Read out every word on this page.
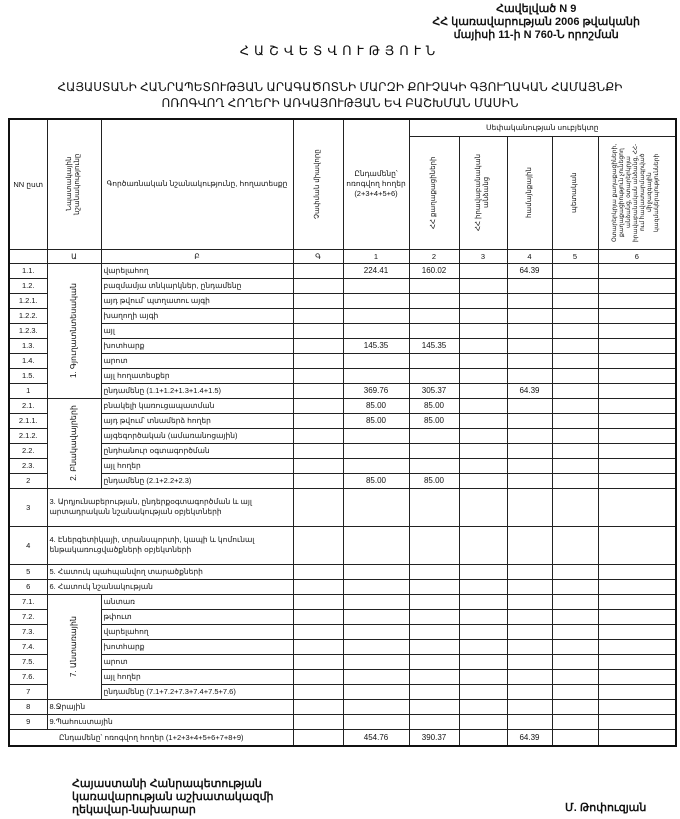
Հավելված N 9
ՀՀ կառավարության 2006 թվականի
մայիսի 11-ի N 760-Ն որոշման
ՀԱՇՎԵՏՎՈՒԹՅՈՒՆ
ՀԱՅԱՍՏԱՆԻ ՀԱՆՐԱՊԵՏՈՒԹՅԱՆ ԱՐԱԳԱԾՈՏՆԻ ՄԱՐԶԻ ՔՈՒՉԱԿԻ ԳՅՈՒՂԱԿԱՆ ՀԱՄԱՅՆՔԻ
ՈՌՈԳՎՈՂ ՀՈՂԵՐԻ ԱՌԿԱՅՈՒԹՅԱՆ ԵՎ ԲԱՇԽՄԱՆ ՄԱՍԻՆ
NN ըստ	Նպատակային նշանակությունը	Գործառնական նշանակությունը, հողատեսքը	Չափման միավորը	Ընդամենը՝ ոռոգվող հողեր (2+3+4+5+6)	Սեփականության սուբյեկտը				

					ՀՀ քաղաքացիների	ՀՀ իրավաբանական անձանց	համայնքային	պետական	Օտարերկրյա քաղաքացիների, քաղաքացիություն չունեցող անձանց, օտարերկրյա իրավաբանական անձանց, ՀՀ-ում հավատարմագրված միջազգային կազմակերպությունների

	Ա	Բ	Գ	1	2	3	4	5	6
1.1.	1. Գյուղատնտեսական	վարելահող		224.41	160.02		64.39		
1.2.		բազմամյա տնկարկներ, ընդամենը							
1.2.1.		այդ թվում՝ պտղատու այգի							
1.2.2.		խաղողի այգի							
1.2.3.		այլ							
1.3.		խոտհարք		145.35	145.35				
1.4.		արոտ							
1.5.		այլ հողատեսքեր							
1		ընդամենը (1.1+1.2+1.3+1.4+1.5)		369.76	305.37		64.39		
2.1.	2. Բնակավայրերի	բնակելի կառուցապատման		85.00	85.00				
2.1.1.		այդ թվում՝ տնամերձ հողեր		85.00	85.00				
2.1.2.		այգեգործական (ամառանոցային)							
2.2.		ընդհանուր օգտագործման							
2.3.		այլ հողեր							
2		ընդամենը (2.1+2.2+2.3)		85.00	85.00				
3	3. Արդյունաբերության, ընդերքօգտագործման և այլ արտադրական նշանակության օբյեկտների								
4	4. Էներգետիկայի, տրանսպորտի, կապի և կոմունալ ենթակառուցվածքների օբյեկտների								
5	5. Հատուկ պահպանվող տարածքների								
6	6. Հատուկ նշանակության								
7.1.	7. Անտառային	անտառ							
7.2.		թփուտ							
7.3.		վարելահող							
7.4.		խոտհարք							
7.5.		արոտ							
7.6.		այլ հողեր							
7		ընդամենը (7.1+7.2+7.3+7.4+7.5+7.6)							
8	8.Ջրային								
9	9.Պահուստային								
Ընդամենը՝ ոռոգվող հողեր (1+2+3+4+5+6+7+8+9)				454.76	390.37		64.39		
Հայաստանի Հանրապետության
կառավարության աշխատակազմի
ղեկավար-նախարար	Մ. Թոփուզյան
